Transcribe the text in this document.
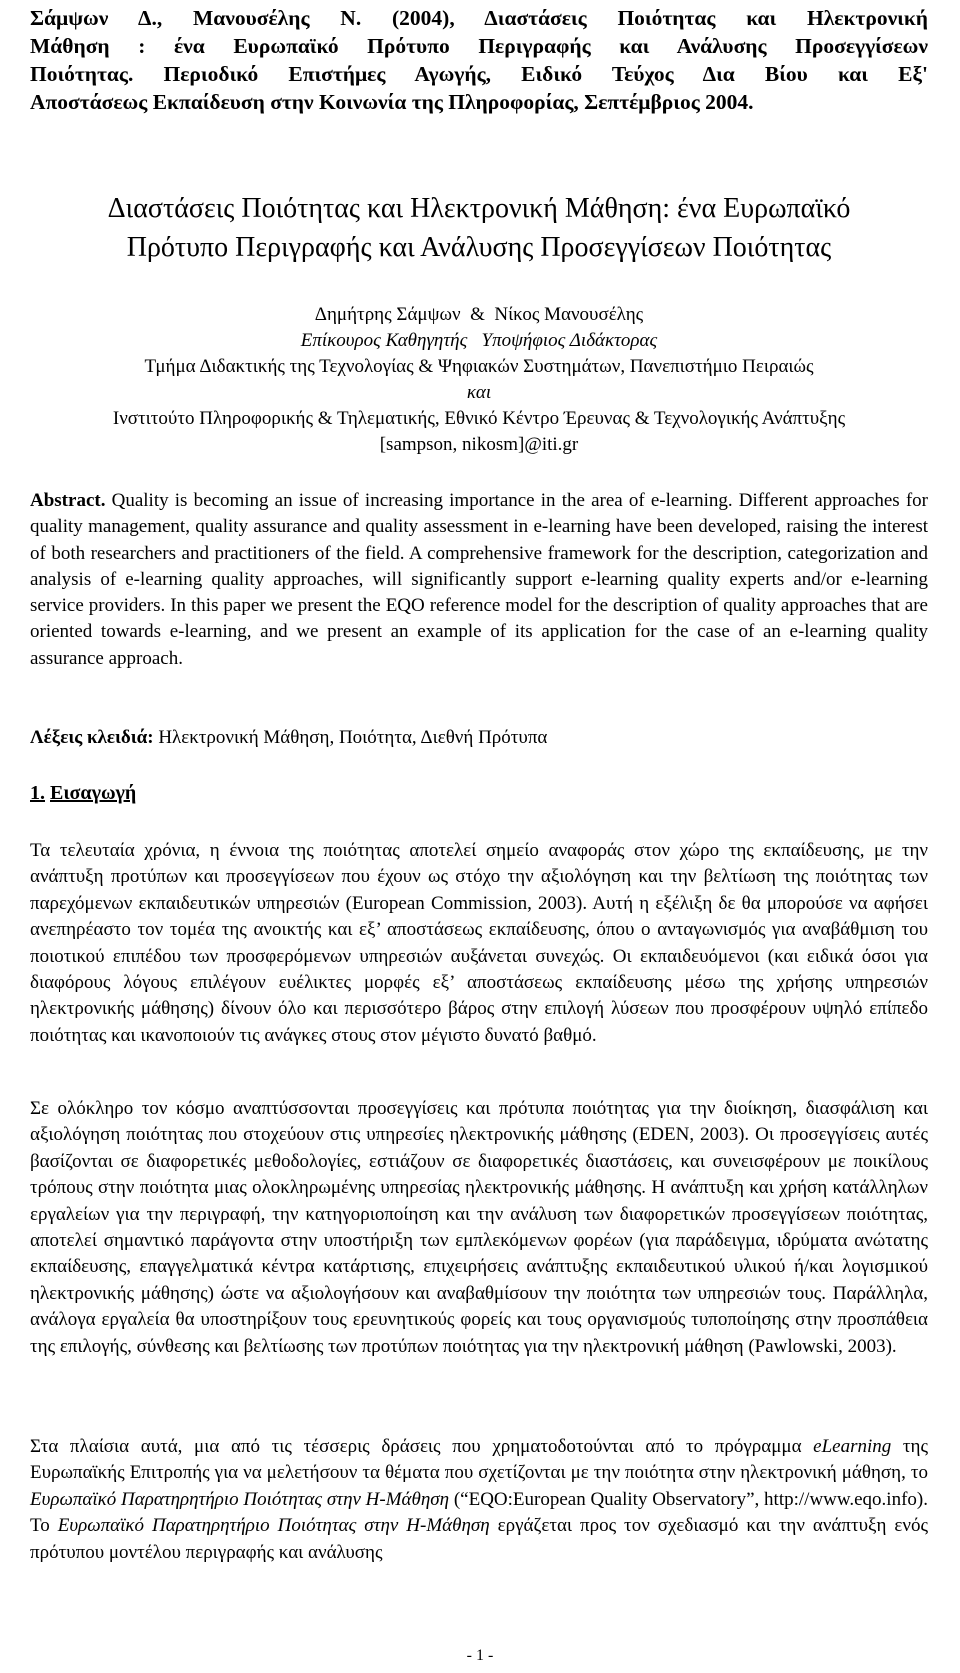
Σάμψων Δ., Μανουσέλης Ν. (2004), Διαστάσεις Ποιότητας και Ηλεκτρονική
Μάθηση : ένα Ευρωπαϊκό Πρότυπο Περιγραφής και Ανάλυσης Προσεγγίσεων
Ποιότητας. Περιοδικό Επιστήμες Αγωγής, Ειδικό Τεύχος Δια Βίου και Εξ'
Αποστάσεως Εκπαίδευση στην Κοινωνία της Πληροφορίας, Σεπτέμβριος 2004.
Διαστάσεις Ποιότητας και Ηλεκτρονική Μάθηση: ένα Ευρωπαϊκό
Πρότυπο Περιγραφής και Ανάλυσης Προσεγγίσεων Ποιότητας
Δημήτρης Σάμψων  &  Νίκος Μανουσέλης
Επίκουρος Καθηγητής   Υποψήφιος Διδάκτορας
Τμήμα Διδακτικής της Τεχνολογίας & Ψηφιακών Συστημάτων, Πανεπιστήμιο Πειραιώς
και
Ινστιτούτο Πληροφορικής & Τηλεματικής, Εθνικό Κέντρο Έρευνας & Τεχνολογικής Ανάπτυξης
[sampson, nikosm]@iti.gr
Abstract. Quality is becoming an issue of increasing importance in the area of e-learning. Different approaches for quality management, quality assurance and quality assessment in e-learning have been developed, raising the interest of both researchers and practitioners of the field. A comprehensive framework for the description, categorization and analysis of e-learning quality approaches, will significantly support e-learning quality experts and/or e-learning service providers. In this paper we present the EQO reference model for the description of quality approaches that are oriented towards e-learning, and we present an example of its application for the case of an e-learning quality assurance approach.
Λέξεις κλειδιά: Ηλεκτρονική Μάθηση, Ποιότητα, Διεθνή Πρότυπα
1. Εισαγωγή

Τα τελευταία χρόνια, η έννοια της ποιότητας αποτελεί σημείο αναφοράς στον χώρο της εκπαίδευσης, με την ανάπτυξη προτύπων και προσεγγίσεων που έχουν ως στόχο την αξιολόγηση και την βελτίωση της ποιότητας των παρεχόμενων εκπαιδευτικών υπηρεσιών (European Commission, 2003). Αυτή η εξέλιξη δε θα μπορούσε να αφήσει ανεπηρέαστο τον τομέα της ανοικτής και εξ’ αποστάσεως εκπαίδευσης, όπου ο ανταγωνισμός για αναβάθμιση του ποιοτικού επιπέδου των προσφερόμενων υπηρεσιών αυξάνεται συνεχώς. Οι εκπαιδευόμενοι (και ειδικά όσοι για διαφόρους λόγους επιλέγουν ευέλικτες μορφές εξ’ αποστάσεως εκπαίδευσης μέσω της χρήσης υπηρεσιών ηλεκτρονικής μάθησης) δίνουν όλο και περισσότερο βάρος στην επιλογή λύσεων που προσφέρουν υψηλό επίπεδο ποιότητας και ικανοποιούν τις ανάγκες στους στον μέγιστο δυνατό βαθμό.

Σε ολόκληρο τον κόσμο αναπτύσσονται προσεγγίσεις και πρότυπα ποιότητας για την διοίκηση, διασφάλιση και αξιολόγηση ποιότητας που στοχεύουν στις υπηρεσίες ηλεκτρονικής μάθησης (EDEN, 2003). Οι προσεγγίσεις αυτές βασίζονται σε διαφορετικές μεθοδολογίες, εστιάζουν σε διαφορετικές διαστάσεις, και συνεισφέρουν με ποικίλους τρόπους στην ποιότητα μιας ολοκληρωμένης υπηρεσίας ηλεκτρονικής μάθησης. Η ανάπτυξη και χρήση κατάλληλων εργαλείων για την περιγραφή, την κατηγοριοποίηση και την ανάλυση των διαφορετικών προσεγγίσεων ποιότητας, αποτελεί σημαντικό παράγοντα στην υποστήριξη των εμπλεκόμενων φορέων (για παράδειγμα, ιδρύματα ανώτατης εκπαίδευσης, επαγγελματικά κέντρα κατάρτισης, επιχειρήσεις ανάπτυξης εκπαιδευτικού υλικού ή/και λογισμικού ηλεκτρονικής μάθησης) ώστε να αξιολογήσουν και αναβαθμίσουν την ποιότητα των υπηρεσιών τους. Παράλληλα, ανάλογα εργαλεία θα υποστηρίξουν τους ερευνητικούς φορείς και τους οργανισμούς τυποποίησης στην προσπάθεια της επιλογής, σύνθεσης και βελτίωσης των προτύπων ποιότητας για την ηλεκτρονική μάθηση (Pawlowski, 2003).

Στα πλαίσια αυτά, μια από τις τέσσερις δράσεις που χρηματοδοτούνται από το πρόγραμμα eLearning της Ευρωπαϊκής Επιτροπής για να μελετήσουν τα θέματα που σχετίζονται με την ποιότητα στην ηλεκτρονική μάθηση, το Ευρωπαϊκό Παρατηρητήριο Ποιότητας στην Η-Μάθηση (“EQO:European Quality Observatory”, http://www.eqo.info). Το Ευρωπαϊκό Παρατηρητήριο Ποιότητας στην Η-Μάθηση εργάζεται προς τον σχεδιασμό και την ανάπτυξη ενός πρότυπου μοντέλου περιγραφής και ανάλυσης

- 1 -
